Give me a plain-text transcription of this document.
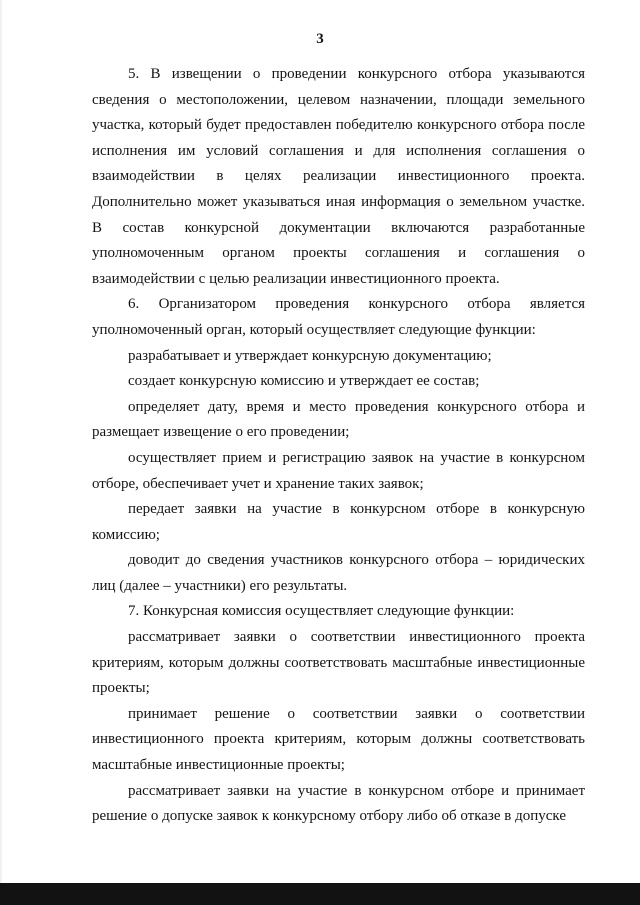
3

5. В извещении о проведении конкурсного отбора указываются сведения о местоположении, целевом назначении, площади земельного участка, который будет предоставлен победителю конкурсного отбора после исполнения им условий соглашения и для исполнения соглашения о взаимодействии в целях реализации инвестиционного проекта. Дополнительно может указываться иная информация о земельном участке. В состав конкурсной документации включаются разработанные уполномоченным органом проекты соглашения и соглашения о взаимодействии с целью реализации инвестиционного проекта.

6. Организатором проведения конкурсного отбора является уполномоченный орган, который осуществляет следующие функции:

разрабатывает и утверждает конкурсную документацию;

создает конкурсную комиссию и утверждает ее состав;

определяет дату, время и место проведения конкурсного отбора и размещает извещение о его проведении;

осуществляет прием и регистрацию заявок на участие в конкурсном отборе, обеспечивает учет и хранение таких заявок;

передает заявки на участие в конкурсном отборе в конкурсную комиссию;

доводит до сведения участников конкурсного отбора – юридических лиц (далее – участники) его результаты.

7. Конкурсная комиссия осуществляет следующие функции:

рассматривает заявки о соответствии инвестиционного проекта критериям, которым должны соответствовать масштабные инвестиционные проекты;

принимает решение о соответствии заявки о соответствии инвестиционного проекта критериям, которым должны соответствовать масштабные инвестиционные проекты;

рассматривает заявки на участие в конкурсном отборе и принимает решение о допуске заявок к конкурсному отбору либо об отказе в допуске
